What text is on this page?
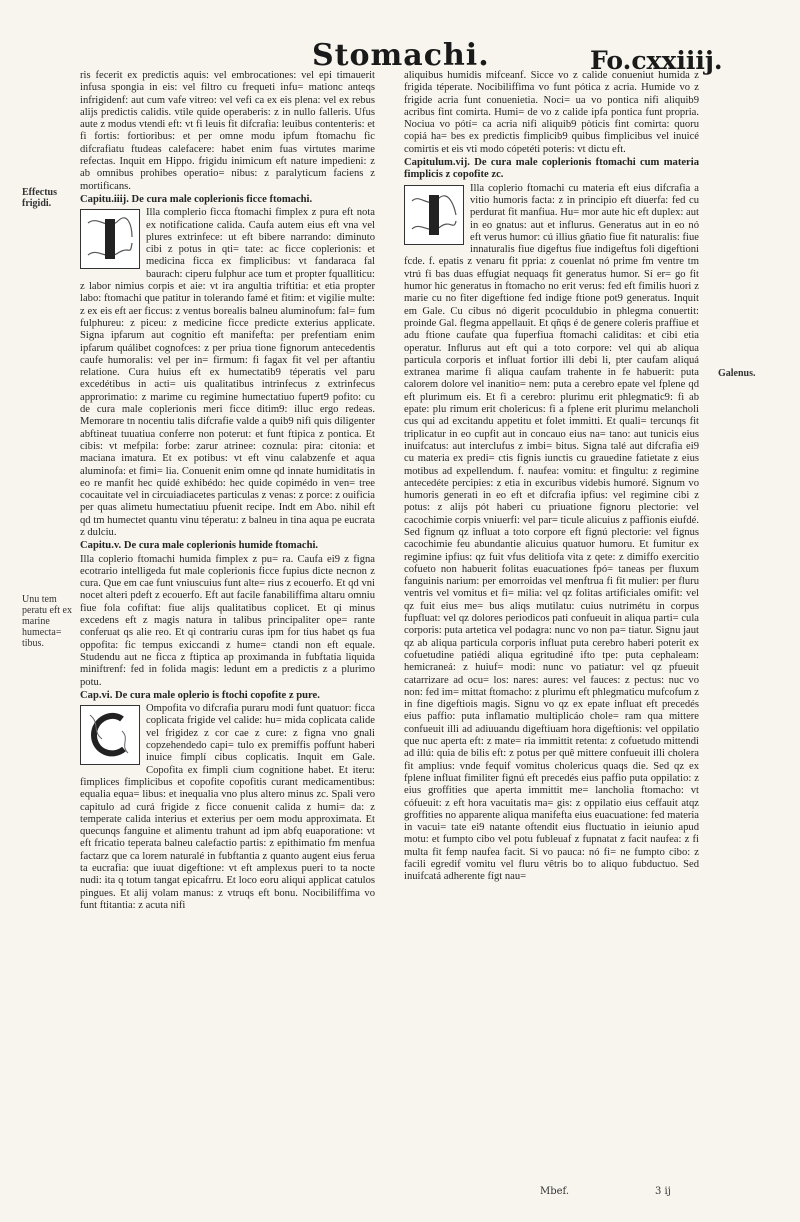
Stomachi.	Fo.cxxiiij.
Effectus frigidi.
Unu tem peratu eft ex marine humecta= tibus.
Galenus.

ris fecerit ex predictis aquis: vel embrocationes: vel epi timauerit infusa spongia in eis: vel filtro cu frequeti infu= mationc anteqs infrigidenf: aut cum vafe vitreo: vel vefi ca ex eis plena: vel ex rebus alijs predictis calidis. vtile quide operaberis: z in nullo falleris. Ufus aute z modus vtendi eft: vt fi leuis fit difcrafia: leuibus contenteris: et fi fortis: fortioribus: et per omne modu ipfum ftomachu fic difcrafiatu ftudeas calefacere: habet enim fuas virtutes marime refectas. Inquit em Hippo. frigidu inimicum eft nature impedieni: z ab omnibus prohibes operatio= nibus: z paralyticum faciens z mortificans.

Capitu.iiij. De cura male coplerionis ficce ftomachi.

Illa complerio ficca ftomachi fimplex z pura eft nota ex notificatione calida. Caufa autem eius eft vna vel plures extrinfece: ut eft bibere narrando: diminuto cibi z potus in qti= tate: ac ficce coplerionis: et medicina ficca ex fimplicibus: vt fandaraca fal baurach: ciperu fulphur ace tum et propter fqualliticu: z labor nimius corpis et aie: vt ira angultia triftitia: et etia propter labo: ftomachi que patitur in tolerando famé et fitim: et vigilie multe: z ex eis eft aer ficcus: z ventus borealis balneu aluminofum: fal= fum fulphureu: z piceu: z medicine ficce predicte exterius applicate. Signa ipfarum aut cognitio eft manifefta: per prefentiam enim ipfarum quálibet cognofces: z per priua tione fignorum antecedentis caufe humoralis: vel per in= firmum: fi fagax fit vel per aftantiu relatione. Cura huius eft ex humectatib9 téperatis vel paru excedétibus in acti= uis qualitatibus intrinfecus z extrinfecus approrimatio: z marime cu regimine humectatiuo fupert9 pofito: cu de cura male coplerionis meri ficce ditim9: illuc ergo redeas. Memorare tn nocentiu talis difcrafie valde a quib9 nifi quis diligenter abftineat tuuatiua conferre non poterut: et funt ftipica z pontica. Et cibis: vt mefpila: forbe: zarur atrinee: coznula: pira: citonia: et maciana imatura. Et ex potibus: vt eft vinu calabzenfe et aqua aluminofa: et fimi= lia. Conuenit enim omne qd innate humiditatis in eo re manfit hec quidé exhibédo: hec quide copimédo in ven= tree cocauitate vel in circuiadiacetes particulas z venas: z porce: z ouificia per quas alimetu humectatiuu pfuenit recipe. Indt em Abo. nihil eft qd tm humectet quantu vinu téperatu: z balneu in tina aqua pe eucrata z dulciu.

Capitu.v. De cura male coplerionis humide ftomachi.

Illa coplerio ftomachi humida fimplex z pu= ra. Caufa ei9 z figna ecotrario intelligeda fut male coplerionis ficce fupius dicte necnon z cura. Que em cae funt vniuscuius funt alte= rius z ecouerfo. Et qd vni nocet alteri pdeft z ecouerfo. Eft aut facile fanabiliffima altaru omniu fiue fola cofiftat: fiue alijs qualitatibus coplicet. Et qi minus excedens eft z magis natura in talibus principaliter ope= rante conferuat qs alie reo. Et qi contrariu curas ipm for tius habet qs fua oppofita: fic tempus exiccandi z hume= ctandi non eft equale. Studendu aut ne ficca z ftiptica ap proximanda in fubftatia liquida miniftrenf: fed in folida magis: ledunt em a predictis z a plurimo potu.

Cap.vi. De cura male oplerio is ftochi copofite z pure.

Ompofita vo difcrafia puraru modi funt quatuor: ficca coplicata frigide vel calide: hu= mida coplicata calide vel frigidez z cor cae z cure: z figna vno gnali copzehendedo capi= tulo ex premiffis poffunt haberi inuice fimplí cibus coplicatis. Inquit em Gale. Copofita ex fimpli cium cognitione habet. Et iteru: fimplices fimplicibus et copofite copofitis curant medicamentibus: equalia equa= libus: et inequalia vno plus altero minus zc. Spali vero capitulo ad curá frigide z ficce conuenit calida z humi= da: z temperate calida interius et exterius per oem modu approximata. Et quecunqs fanguine et alimentu trahunt ad ipm abfq euaporatione: vt eft fricatio teperata balneu calefactio partis: z epithimatio fm menfua factarz que ca lorem naturalé in fubftantia z quanto augent eius ferua ta eucrafia: que iuuat digeftione: vt eft amplexus pueri to ta nocte nudi: ita q totum tangat epicafrru. Et loco eoru aliqui applicat catulos pingues. Et alij volam manus: z vtruqs eft bonu. Nocibiliffima vo funt ftitantia: z acuta nifi

aliquibus humidis mifceanf. Sicce vo z calide conueniut humida z frigida téperate. Nocibiliffima vo funt pótica z acria. Humide vo z frigide acria funt conuenietia. Noci= ua vo pontica nifi aliquib9 acribus fint comirta. Humi= de vo z calide ipfa pontica funt propria. Nociua vo pótí= ca acria nifi aliquib9 pòticis fint comirta: quoru copiá ha= bes ex predictis fimplicib9 quibus fimplicibus vel inuicé comirtis et eis vti modo cópetéti poteris: vt dictu eft.

Capitulum.vij. De cura male coplerionis ftomachi cum materia fimplicis z copofite zc.

Illa coplerio ftomachi cu materia eft eius difcrafia a vitio humoris facta: z in principio eft diuerfa: fed cu perdurat fit manfiua. Hu= mor aute hic eft duplex: aut in eo gnatus: aut et influrus. Generatus aut in eo nó eft verus humor: cú illius gñatio fiue fit naturalis: fiue innaturalis fiue digeftus fiue indigeftus foli digeftioni fcde. f. epatis z venaru fit ppria: z couenlat nó prime fm ventre tm vtrú fi bas duas effugiat nequaqs fit generatus humor. Sí er= go fit humor hic generatus in ftomacho no erit verus: fed eft fimilis huori z marie cu no fiter digeftione fed indige ftione pot9 generatus. Inquit em Gale. Cu cibus nó digerit pcoculdubio in phlegma conuertit: proinde Gal. flegma appellauit. Et qñqs é de genere coleris praffiue et adu ftione caufate qua fuperfiua ftomachi caliditas: et cibi etia operatur. Influrus aut eft qui a toto corpore: vel qui ab aliqua particula corporis et influat fortior illi debi li, pter caufam aliquá extranea marime fi aliqua caufam trahente in fe habuerit: puta calorem dolore vel inanitio= nem: puta a cerebro epate vel fplene qd eft plurimum eis. Et fi a cerebro: plurimu erit phlegmatic9: fi ab epate: plu rimum erit cholericus: fi a fplene erit plurimu melancholi cus qui ad excitandu appetitu et folet immitti. Et quali= tercunqs fit triplicatur in eo cupfit aut in concauo eius na= tano: aut tunicis eius inuifcatus: aut interclufus z imbi= bitus. Signa talé aut difcrafia ei9 cu materia ex predi= ctis fignis iunctis cu grauedine fatietate z eius motibus ad expellendum. f. naufea: vomitu: et fingultu: z regimine antecedéte percipies: z etia in excuribus videbis humoré. Signum vo humoris generati in eo eft et difcrafia ipfius: vel regimine cibi z potus: z alijs pót haberi cu priuatione fignoru plectorie: vel cacochimie corpis vniuerfi: vel par= ticule alicuius z paffionis eiufdé. Sed fignum qz influat a toto corpore eft fignú plectorie: vel fignus cacochimie feu abundantie alicuius quatuor humoru. Et fumitur ex regimine ipfius: qz fuit vfus delitiofa vita z qete: z dimiffo exercitio cofueto non habuerit folitas euacuationes fpó= taneas per fluxum fanguinis narium: per emorroidas vel menftrua fi fit mulier: per fluru ventris vel vomitus et fi= milia: vel qz folitas artificiales omifit: vel qz fuit eius me= bus aliqs mutilatu: cuius nutrimétu in corpus fupfluat: vel qz dolores periodicos pati confueuit in aliqua parti= cula corporis: puta artetica vel podagra: nunc vo non pa= tiatur. Signu jaut qz ab aliqua particula corporis influat puta cerebro haberi poterit ex cofuetudine patiédi aliqua egritudiné ifto tpe: puta cephaleam: hemicraneá: z huiuf= modi: nunc vo patiatur: vel qz pfueuit catarrizare ad ocu= los: nares: aures: vel fauces: z pectus: nuc vo non: fed im= mittat ftomacho: z plurimu eft phlegmaticu mufcofum z in fine digeftiois magis. Signu vo qz ex epate influat eft precedés eius paffio: puta inflamatio multiplicáo chole= ram qua mittere confueuit illi ad adiuuandu digeftiuam hora digeftionis: vel oppilatio que nuc aperta eft: z mate= ria immittit retenta: z cofuetudo mittendi ad illú: quia de bilis eft: z potus per quê mittere confueuit illi cholera fit amplius: vnde fequif vomitus cholericus quaqs die. Sed qz ex fplene influat fimiliter fignú eft precedés eius paffio puta oppilatio: z eius groffities que aperta immittit me= lancholia ftomacho: vt cófueuit: z eft hora vacuitatis ma= gis: z oppilatio eius ceffauit atqz groffities no apparente aliqua manifefta eius euacuatione: fed materia in vacui= tate ei9 natante oftendit eius fluctuatio in ieiunio apud motu: et fumpto cibo vel potu fubleuaf z fupnatat z facit naufea: z fi multa fit femp naufea facit. Si vo pauca: nó fi= ne fumpto cibo: z facili egredif vomitu vel fluru vêtris bo to aliquo fubductuo. Sed inuifcatá adherente fígt nau=

Mbef.	3 ij
